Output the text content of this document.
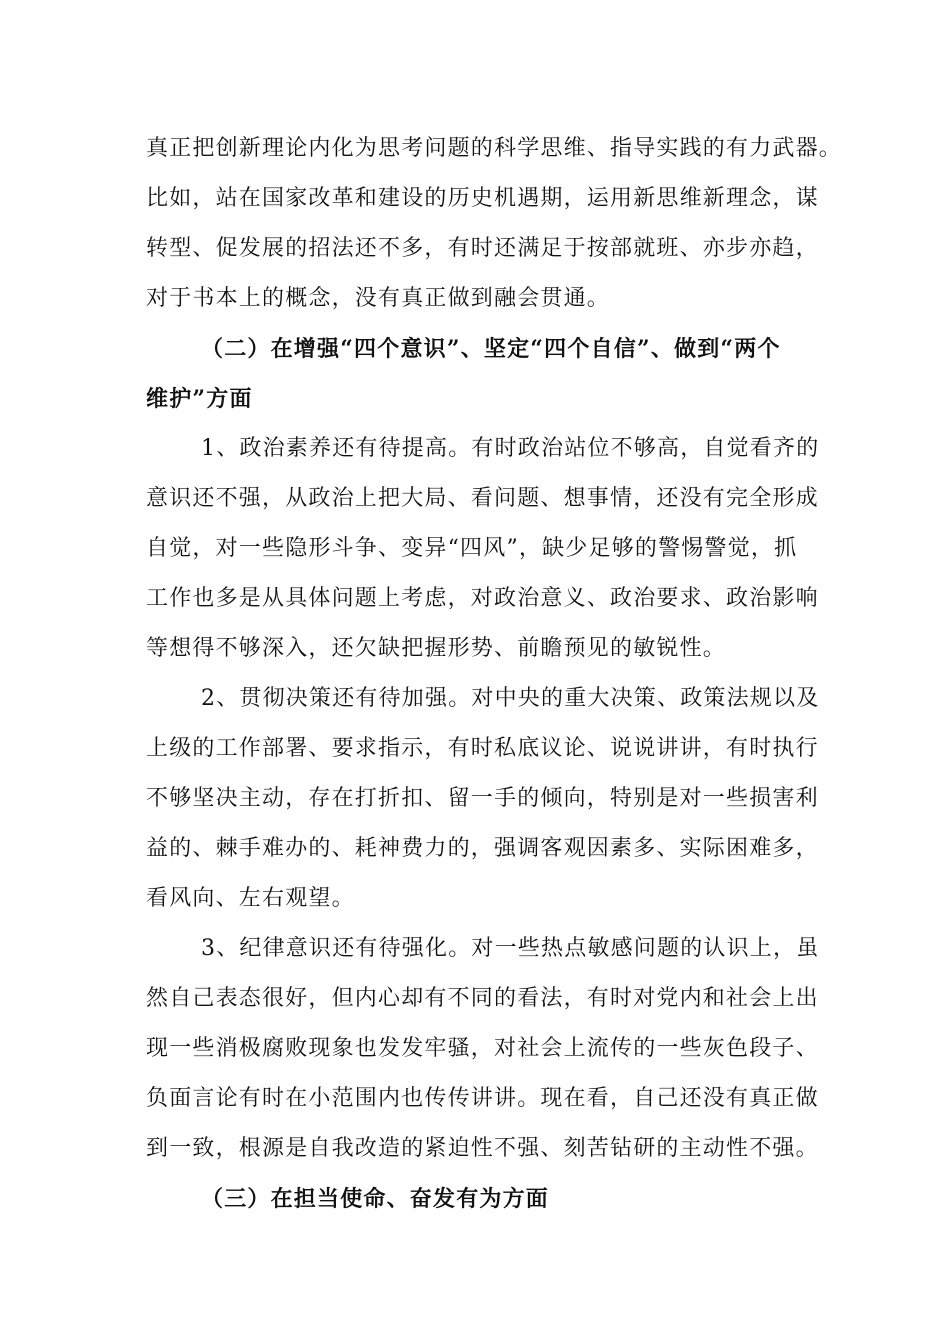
真正把创新理论内化为思考问题的科学思维、指导实践的有力武器。
比如，站在国家改革和建设的历史机遇期，运用新思维新理念，谋
转型、促发展的招法还不多，有时还满足于按部就班、亦步亦趋，
对于书本上的概念，没有真正做到融会贯通。
（二）在增强“四个意识”、坚定“四个自信”、做到“两个
维护”方面
1、政治素养还有待提高。有时政治站位不够高，自觉看齐的
意识还不强，从政治上把大局、看问题、想事情，还没有完全形成
自觉，对一些隐形斗争、变异“四风”，缺少足够的警惕警觉，抓
工作也多是从具体问题上考虑，对政治意义、政治要求、政治影响
等想得不够深入，还欠缺把握形势、前瞻预见的敏锐性。
2、贯彻决策还有待加强。对中央的重大决策、政策法规以及
上级的工作部署、要求指示，有时私底议论、说说讲讲，有时执行
不够坚决主动，存在打折扣、留一手的倾向，特别是对一些损害利
益的、棘手难办的、耗神费力的，强调客观因素多、实际困难多，
看风向、左右观望。
3、纪律意识还有待强化。对一些热点敏感问题的认识上，虽
然自己表态很好，但内心却有不同的看法，有时对党内和社会上出
现一些消极腐败现象也发发牢骚，对社会上流传的一些灰色段子、
负面言论有时在小范围内也传传讲讲。现在看，自己还没有真正做
到一致，根源是自我改造的紧迫性不强、刻苦钻研的主动性不强。
（三）在担当使命、奋发有为方面
